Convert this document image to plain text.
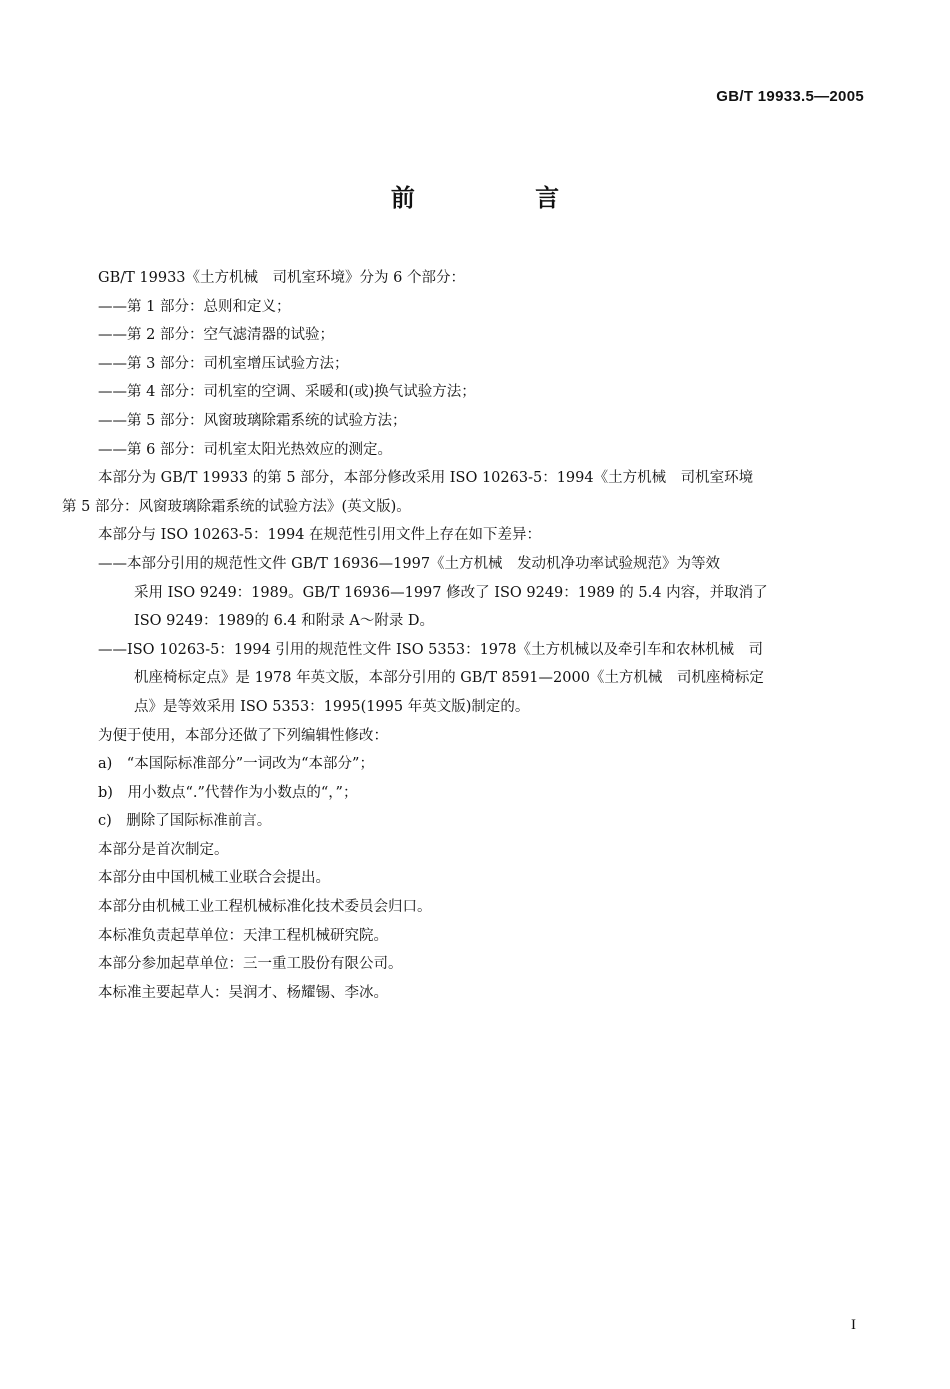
GB/T 19933.5—2005
前 言
GB/T 19933《土方机械　司机室环境》分为 6 个部分：
——第 1 部分：总则和定义；
——第 2 部分：空气滤清器的试验；
——第 3 部分：司机室增压试验方法；
——第 4 部分：司机室的空调、采暖和(或)换气试验方法；
——第 5 部分：风窗玻璃除霜系统的试验方法；
——第 6 部分：司机室太阳光热效应的测定。
本部分为 GB/T 19933 的第 5 部分，本部分修改采用 ISO 10263-5：1994《土方机械　司机室环境
第 5 部分：风窗玻璃除霜系统的试验方法》(英文版)。
本部分与 ISO 10263-5：1994 在规范性引用文件上存在如下差异：
——本部分引用的规范性文件 GB/T 16936—1997《土方机械　发动机净功率试验规范》为等效
采用 ISO 9249：1989。GB/T 16936—1997 修改了 ISO 9249：1989 的 5.4 内容，并取消了
ISO 9249：1989的 6.4 和附录 A～附录 D。
——ISO 10263-5：1994 引用的规范性文件 ISO 5353：1978《土方机械以及牵引车和农林机械　司
机座椅标定点》是 1978 年英文版，本部分引用的 GB/T 8591—2000《土方机械　司机座椅标定
点》是等效采用 ISO 5353：1995(1995 年英文版)制定的。
为便于使用，本部分还做了下列编辑性修改：
a)　“本国际标准部分”一词改为“本部分”；
b)　用小数点“.”代替作为小数点的“，”；
c)　删除了国际标准前言。
本部分是首次制定。
本部分由中国机械工业联合会提出。
本部分由机械工业工程机械标准化技术委员会归口。
本标准负责起草单位：天津工程机械研究院。
本部分参加起草单位：三一重工股份有限公司。
本标准主要起草人：吴润才、杨耀锡、李冰。
I
